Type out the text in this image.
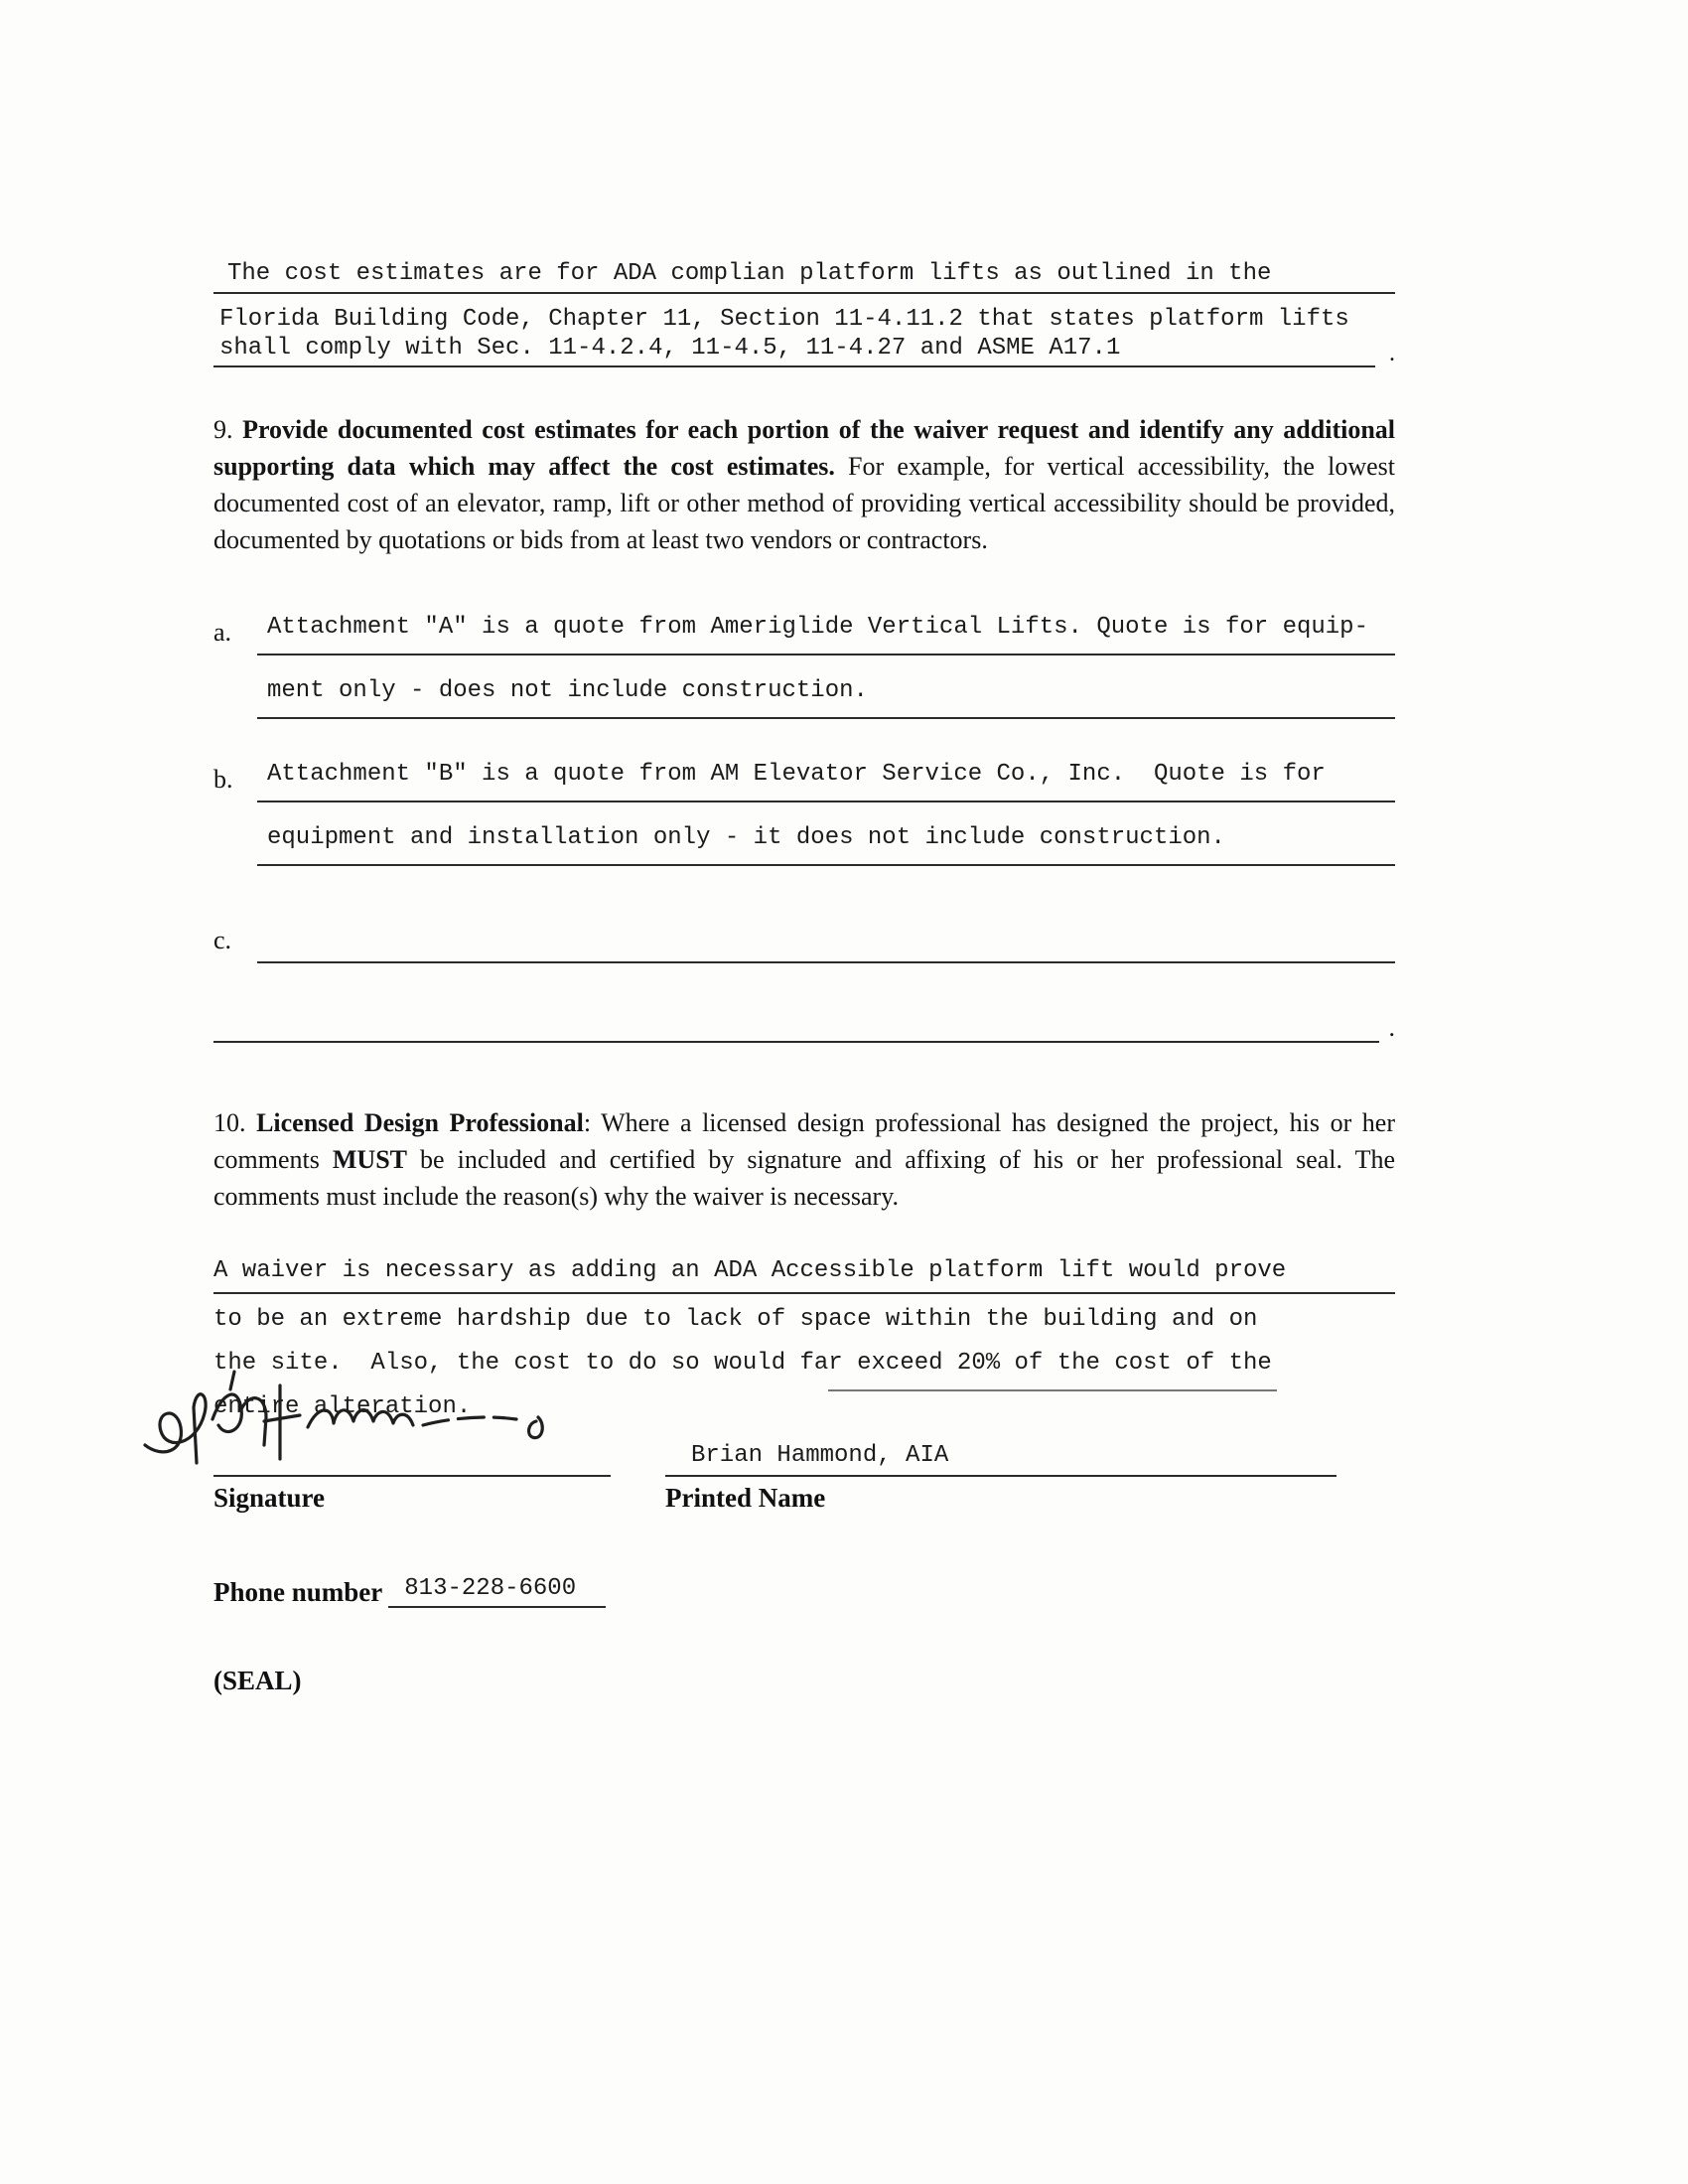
The cost estimates are for ADA complian platform lifts as outlined in the
Florida Building Code, Chapter 11, Section 11-4.11.2 that states platform lifts
shall comply with Sec. 11-4.2.4, 11-4.5, 11-4.27 and ASME A17.1	.
9. Provide documented cost estimates for each portion of the waiver request and identify any additional supporting data which may affect the cost estimates. For example, for vertical accessibility, the lowest documented cost of an elevator, ramp, lift or other method of providing vertical accessibility should be provided, documented by quotations or bids from at least two vendors or contractors.
a.	Attachment "A" is a quote from Ameriglide Vertical Lifts. Quote is for equip-
ment only - does not include construction.
b.	Attachment "B" is a quote from AM Elevator Service Co., Inc.  Quote is for
equipment and installation only - it does not include construction.
c.
.
10. Licensed Design Professional: Where a licensed design professional has designed the project, his or her comments MUST be included and certified by signature and affixing of his or her professional seal. The comments must include the reason(s) why the waiver is necessary.
A waiver is necessary as adding an ADA Accessible platform lift would prove
to be an extreme hardship due to lack of space within the building and on
the site.  Also, the cost to do so would far exceed 20% of the cost of the
entire alteration.
Brian Hammond, AIA
Signature	Printed Name
Phone number 813-228-6600
(SEAL)
